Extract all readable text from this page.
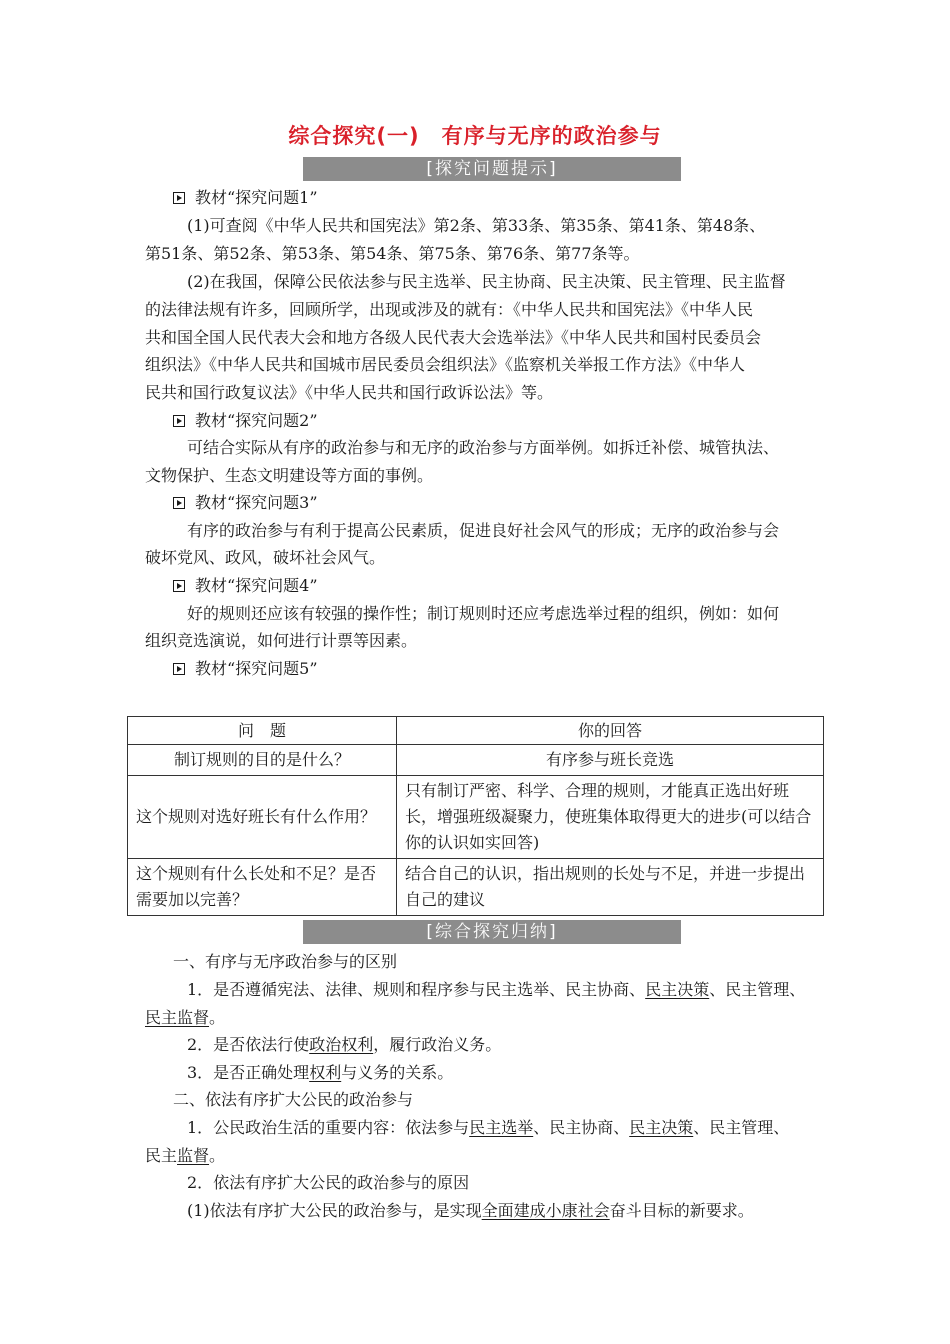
综合探究(一)　有序与无序的政治参与
[探究问题提示]
教材“探究问题1”
(1)可查阅《中华人民共和国宪法》第2条、第33条、第35条、第41条、第48条、
第51条、第52条、第53条、第54条、第75条、第76条、第77条等。
(2)在我国，保障公民依法参与民主选举、民主协商、民主决策、民主管理、民主监督
的法律法规有许多，回顾所学，出现或涉及的就有：《中华人民共和国宪法》《中华人民
共和国全国人民代表大会和地方各级人民代表大会选举法》《中华人民共和国村民委员会
组织法》《中华人民共和国城市居民委员会组织法》《监察机关举报工作方法》《中华人
民共和国行政复议法》《中华人民共和国行政诉讼法》等。
教材“探究问题2”
可结合实际从有序的政治参与和无序的政治参与方面举例。如拆迁补偿、城管执法、
文物保护、生态文明建设等方面的事例。
教材“探究问题3”
有序的政治参与有利于提高公民素质，促进良好社会风气的形成；无序的政治参与会
破坏党风、政风，破坏社会风气。
教材“探究问题4”
好的规则还应该有较强的操作性；制订规则时还应考虑选举过程的组织，例如：如何
组织竞选演说，如何进行计票等因素。
教材“探究问题5”
问　题	你的回答
制订规则的目的是什么？	有序参与班长竞选
这个规则对选好班长有什么作用？	只有制订严密、科学、合理的规则，才能真正选出好班长，增强班级凝聚力，使班集体取得更大的进步(可以结合你的认识如实回答)
这个规则有什么长处和不足？是否需要加以完善？	结合自己的认识，指出规则的长处与不足，并进一步提出自己的建议
[综合探究归纳]
一、有序与无序政治参与的区别
1．是否遵循宪法、法律、规则和程序参与民主选举、民主协商、民主决策、民主管理、
民主监督。
2．是否依法行使政治权利，履行政治义务。
3．是否正确处理权利与义务的关系。
二、依法有序扩大公民的政治参与
1．公民政治生活的重要内容：依法参与民主选举、民主协商、民主决策、民主管理、
民主监督。
2．依法有序扩大公民的政治参与的原因
(1)依法有序扩大公民的政治参与，是实现全面建成小康社会奋斗目标的新要求。
